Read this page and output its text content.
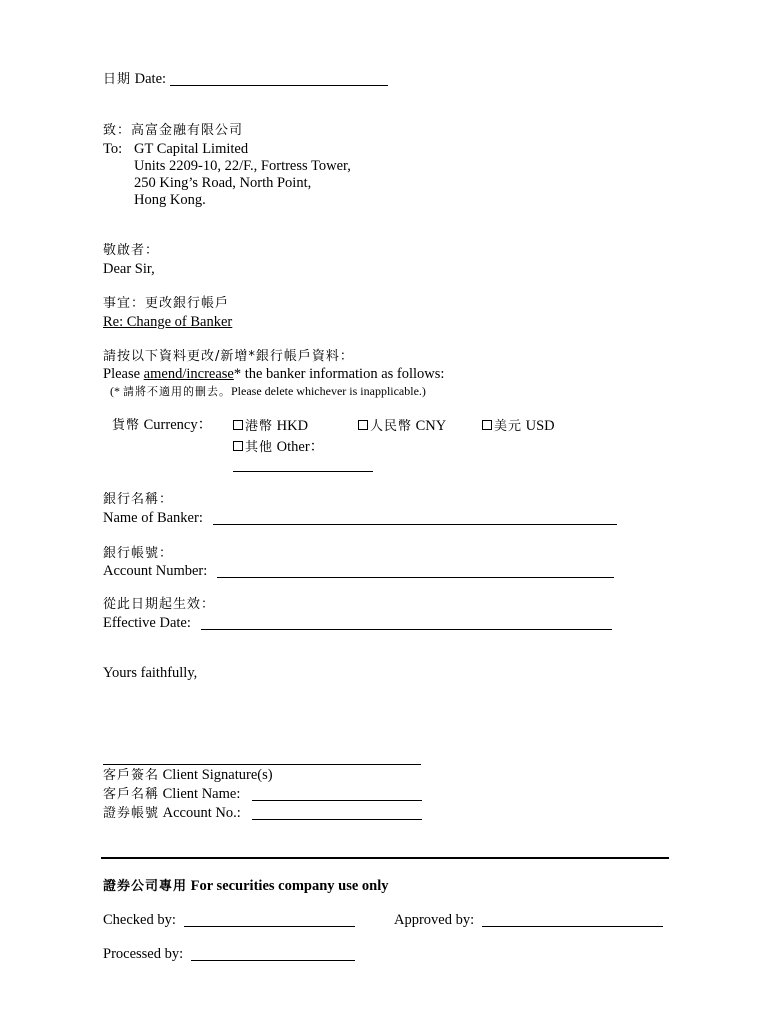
日期 Date:
致：高富金融有限公司
To: GT Capital Limited
Units 2209-10, 22/F., Fortress Tower,
250 King’s Road, North Point,
Hong Kong.
敬啟者：
Dear Sir,
事宜：更改銀行帳戶
Re: Change of Banker
請按以下資料更改/新增*銀行帳戶資料：
Please amend/increase* the banker information as follows:
(* 請將不適用的刪去。Please delete whichever is inapplicable.)
貨幣 Currency：	港幣 HKD	人民幣 CNY	美元 USD
其他 Other：
銀行名稱：
Name of Banker:
銀行帳號：
Account Number:
從此日期起生效：
Effective Date:
Yours faithfully,
客戶簽名 Client Signature(s)
客戶名稱 Client Name:
證券帳號 Account No.:
證券公司專用 For securities company use only
Checked by:	Approved by:
Processed by:
